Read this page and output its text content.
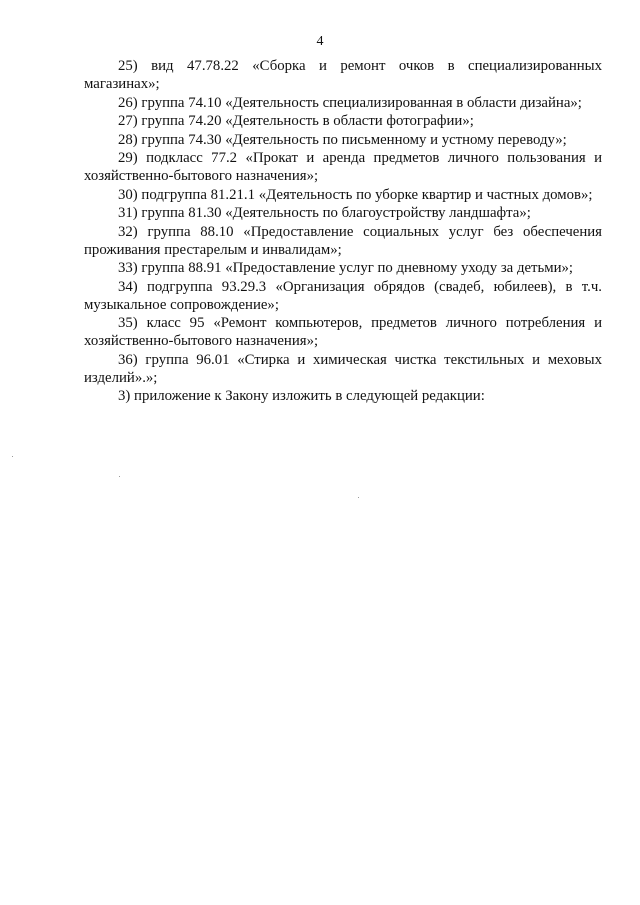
4

25) вид 47.78.22 «Сборка и ремонт очков в специализированных магазинах»;

26) группа 74.10 «Деятельность специализированная в области дизайна»;

27) группа 74.20 «Деятельность в области фотографии»;

28) группа 74.30 «Деятельность по письменному и устному переводу»;

29) подкласс 77.2 «Прокат и аренда предметов личного пользования и хозяйственно-бытового назначения»;

30) подгруппа 81.21.1 «Деятельность по уборке квартир и частных домов»;

31) группа 81.30 «Деятельность по благоустройству ландшафта»;

32) группа 88.10 «Предоставление социальных услуг без обеспечения проживания престарелым и инвалидам»;

33) группа 88.91 «Предоставление услуг по дневному уходу за детьми»;

34) подгруппа 93.29.3 «Организация обрядов (свадеб, юбилеев), в т.ч. музыкальное сопровождение»;

35) класс 95 «Ремонт компьютеров, предметов личного потребления и хозяйственно-бытового назначения»;

36) группа 96.01 «Стирка и химическая чистка текстильных и меховых изделий».»;

3) приложение к Закону изложить в следующей редакции:
